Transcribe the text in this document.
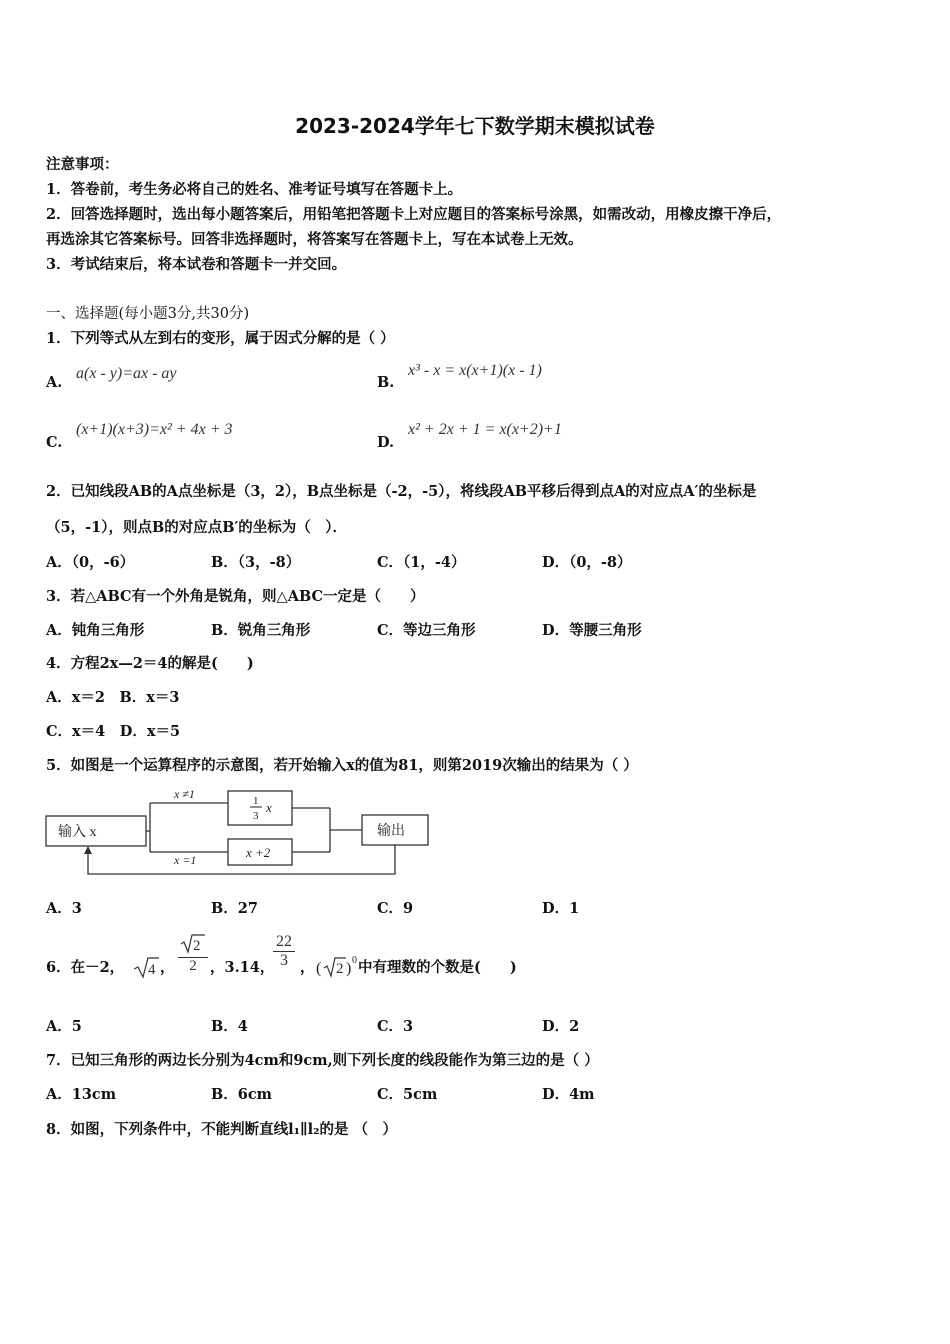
2023-2024学年七下数学期末模拟试卷
注意事项：
1．答卷前，考生务必将自己的姓名、准考证号填写在答题卡上。
2．回答选择题时，选出每小题答案后，用铅笔把答题卡上对应题目的答案标号涂黑，如需改动，用橡皮擦干净后，
再选涂其它答案标号。回答非选择题时，将答案写在答题卡上，写在本试卷上无效。
3．考试结束后，将本试卷和答题卡一并交回。
一、选择题(每小题3分,共30分)
1．下列等式从左到右的变形，属于因式分解的是（ ）
A.
a(x - y)=ax - ay
B.
x³ - x = x(x+1)(x - 1)
C.
(x+1)(x+3)=x² + 4x + 3
D.
x² + 2x + 1 = x(x+2)+1
2．已知线段AB的A点坐标是（3，2），B点坐标是（-2，-5），将线段AB平移后得到点A的对应点A′的坐标是
（5，-1），则点B的对应点B′的坐标为（　）．
A．（0，-6）	B．（3，-8）	C．（1，-4）	D．（0，-8）
3．若△ABC有一个外角是锐角，则△ABC一定是（　　）
A．钝角三角形	B．锐角三角形	C．等边三角形	D．等腰三角形
4．方程2x—2＝4的解是(　　)
A．x＝2　B．x＝3
C．x＝4　D．x＝5
5．如图是一个运算程序的示意图，若开始输入x的值为81，则第2019次输出的结果为（ ）
输入 x	输出
x ≠1
x =1
1
3
x
x +2
A．3	B．27	C．9	D．1
6．在－2， 4 ，
2
2 ，3.14，
$\frac{22}{3}$ ， ( 2 ) 0 中有理数的个数是(　　)
A．5	B．4	C．3	D．2
7．已知三角形的两边长分别为4cm和9cm,则下列长度的线段能作为第三边的是（ ）
A．13cm	B．6cm	C．5cm	D．4m
8．如图，下列条件中，不能判断直线l₁∥l₂的是 （　）
